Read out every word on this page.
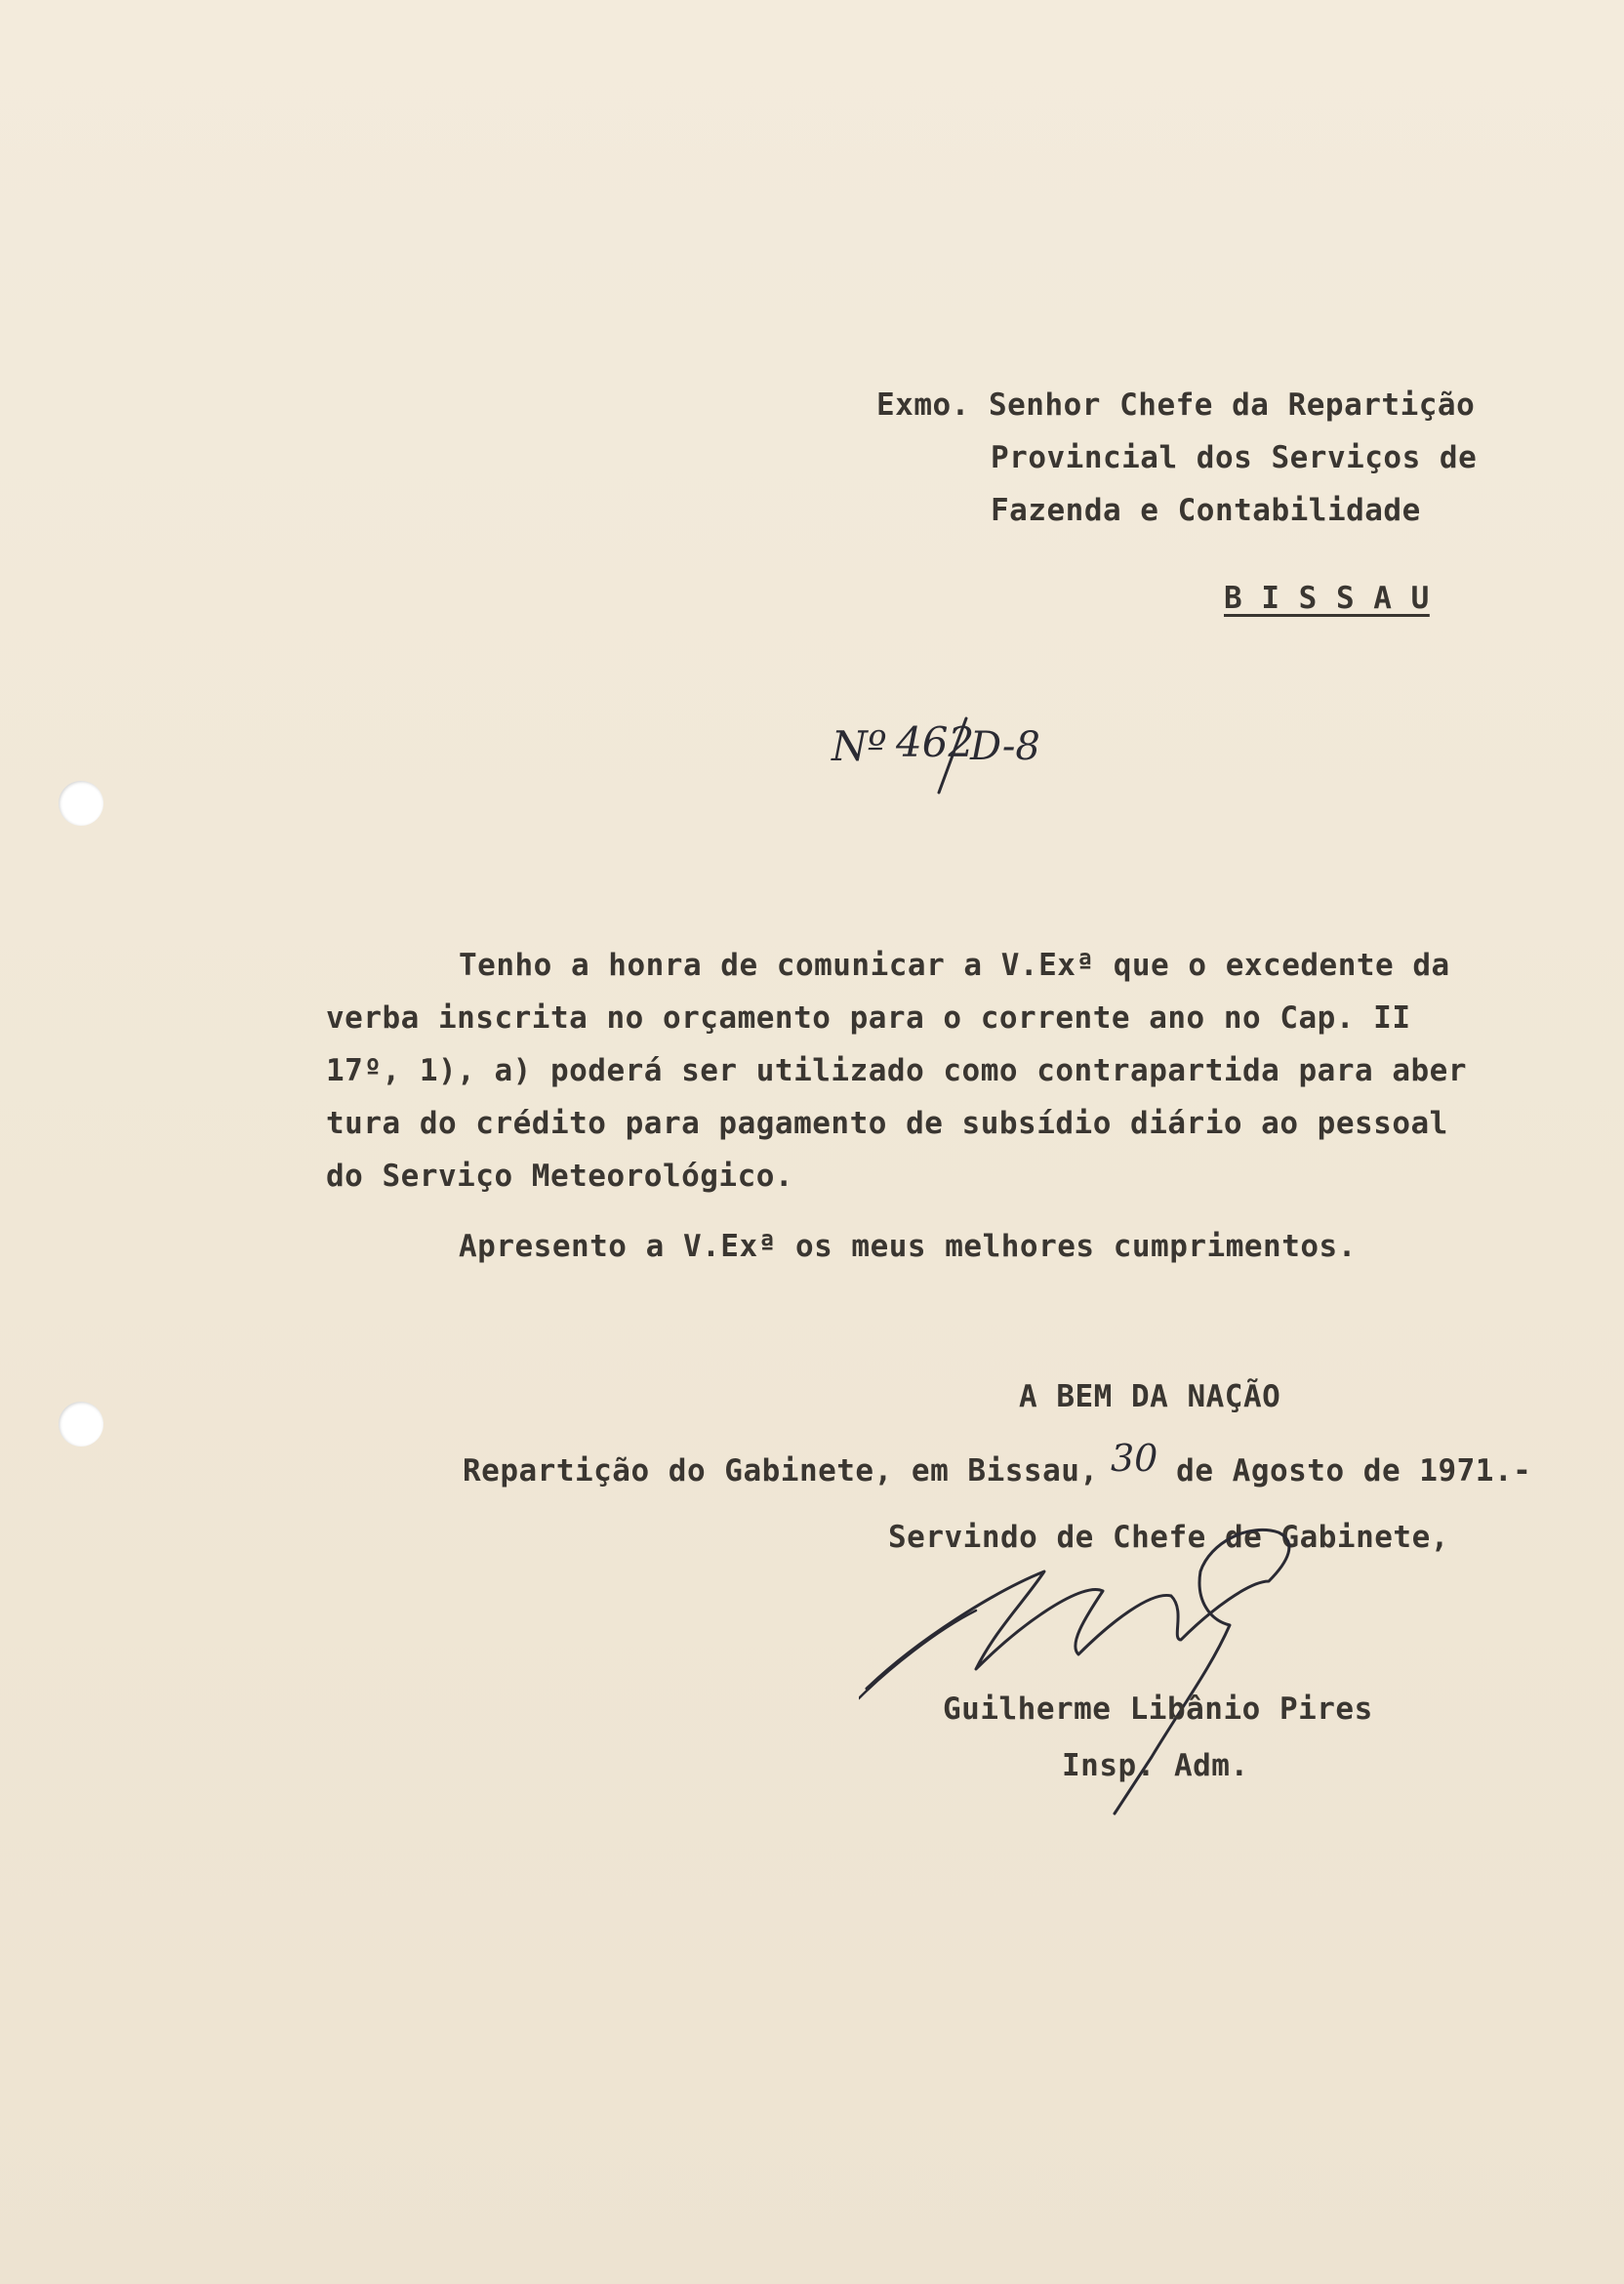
Exmo. Senhor Chefe da Repartição
Provincial dos Serviços de
Fazenda e Contabilidade
B I S S A U
Nº 462
D-8
Tenho a honra de comunicar a V.Exª que o excedente da
verba inscrita no orçamento para o corrente ano no Cap. II
17º, 1), a) poderá ser utilizado como contrapartida para aber
tura do crédito para pagamento de subsídio diário ao pessoal
do Serviço Meteorológico.
Apresento a V.Exª os meus melhores cumprimentos.
A BEM DA NAÇÃO
Repartição do Gabinete, em Bissau,
30 de Agosto de 1971.-
Servindo de Chefe de Gabinete,
Guilherme Libânio Pires
Insp. Adm.
